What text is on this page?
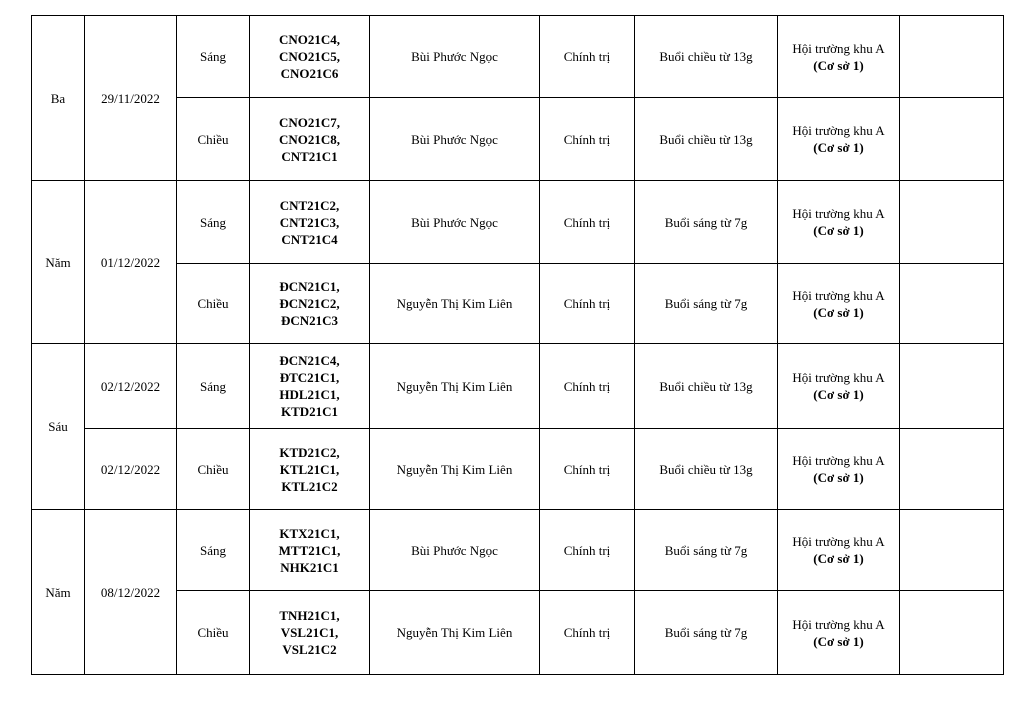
Ba	29/11/2022	Sáng	CNO21C4,
CNO21C5,
CNO21C6	Bùi Phước Ngọc	Chính trị	Buổi chiều từ 13g	Hội trường khu A
(Cơ sở 1)	

		Chiều	CNO21C7,
CNO21C8,
CNT21C1	Bùi Phước Ngọc	Chính trị	Buổi chiều từ 13g	Hội trường khu A
(Cơ sở 1)	

Năm	01/12/2022	Sáng	CNT21C2,
CNT21C3,
CNT21C4	Bùi Phước Ngọc	Chính trị	Buổi sáng từ 7g	Hội trường khu A
(Cơ sở 1)	

		Chiều	ĐCN21C1,
ĐCN21C2,
ĐCN21C3	Nguyễn Thị Kim Liên	Chính trị	Buổi sáng từ 7g	Hội trường khu A
(Cơ sở 1)	

Sáu	02/12/2022	Sáng	ĐCN21C4,
ĐTC21C1,
HDL21C1,
KTD21C1	Nguyễn Thị Kim Liên	Chính trị	Buổi chiều từ 13g	Hội trường khu A
(Cơ sở 1)	

	02/12/2022	Chiều	KTD21C2,
KTL21C1,
KTL21C2	Nguyễn Thị Kim Liên	Chính trị	Buổi chiều từ 13g	Hội trường khu A
(Cơ sở 1)	

Năm	08/12/2022	Sáng	KTX21C1,
MTT21C1,
NHK21C1	Bùi Phước Ngọc	Chính trị	Buổi sáng từ 7g	Hội trường khu A
(Cơ sở 1)	

		Chiều	TNH21C1,
VSL21C1,
VSL21C2	Nguyễn Thị Kim Liên	Chính trị	Buổi sáng từ 7g	Hội trường khu A
(Cơ sở 1)	
